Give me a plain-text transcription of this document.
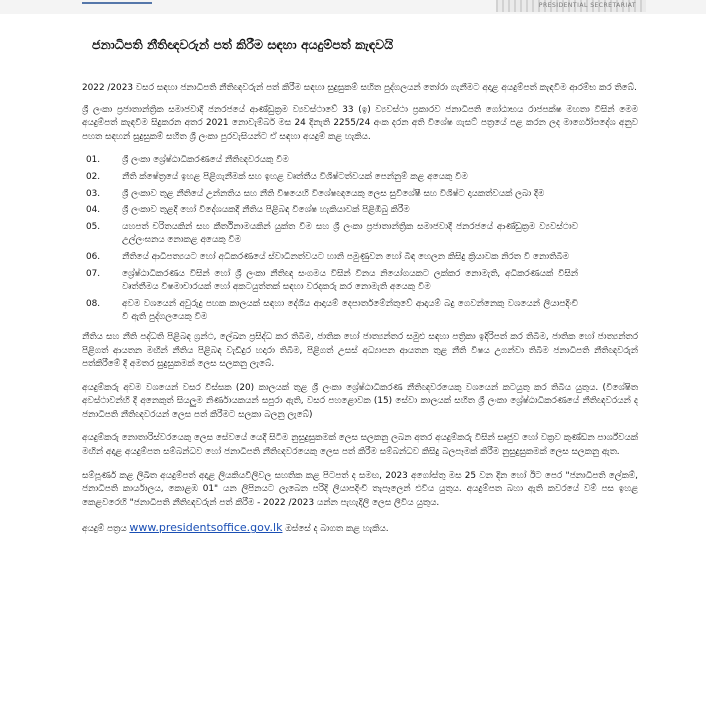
PRESIDENTIAL SECRETARIAT
ජනාධිපති නීතිඥවරුන් පත් කිරීම සඳහා අයදුම්පත් කැඳවයි

2022 /2023 වසර සඳහා ජනාධිපති නීතිඥවරුන් පත් කිරීම සඳහා සුදුසුකම් සහිත පුද්ගලයන් තෝරා ගැනීමට අදාළ අයදුම්පත් කැඳවීම ආරම්භ කර තිබේ.

ශ්‍රී ලංකා ප්‍රජාතාන්ත්‍රික සමාජවාදී ජනරජයේ ආණ්ඩුක්‍රම ව්‍යවස්ථාවේ 33 (ඉ) ව්‍යවස්ථා ප්‍රකාරව ජනාධිපති ගෝඨාභය රාජපක්ෂ මහතා විසින් මෙම අයදුම්පත් කැඳවීම සිදුකරන අතර 2021 නොවැම්බර් මස 24 දිනැති 2255/24 අංක දරන අති විශේෂ ගැසට් පත්‍රයේ පළ කරන ලද මාර්ගෝපදේශ අනුව පහත සඳහන් සුදුසුකම් සහිත ශ්‍රී ලංකා පුරවැසියන්ට ඒ සඳහා අයදුම් කළ හැකිය.

01.	ශ්‍රී ලංකා ශ්‍රේෂ්ඨාධිකරණයේ නීතිඥවරයකු වීම
02.	නීති ක්ෂේත්‍රයේ ඉහළ පිළිගැනීමක් සහ ඉහළ වෘත්තීය විශිෂ්ටත්වයක් පෙන්නුම් කළ අයෙකු වීම
03.	ශ්‍රී ලංකාව තුළ නීතියේ උන්නතිය සහ නීති විෂයෙහි විශේෂඥයෙකු ලෙස සුවිශේෂී සහ විශිෂ්ට දායකත්වයක් ලබා දීම
04.	ශ්‍රී ලංකාව තුළදී හෝ විදේශයකදී නීතිය පිළිබඳ විශේෂ හැකියාවක් පිළිඹිබු කිරීම
05.	යහපත් චරිතයකින් සහ කීර්තිනාමයකින් යුක්ත වීම සහ ශ්‍රී ලංකා ප්‍රජාතාන්ත්‍රික සමාජවාදී ජනරජයේ ආණ්ඩුක්‍රම ව්‍යවස්ථාව උල්ලංඝනය නොකළ අයෙකු වීම
06.	නීතියේ ආධිපත්‍යයට හෝ අධිකරණයේ ස්වාධීනත්වයට හානි පමුණුවන හෝ බිඳ හෙලන කිසිදු ක්‍රියාවක නිරත වී නොතිබීම
07.	ශ්‍රේෂ්ඨාධිකරණය විසින් හෝ ශ්‍රී ලංකා නීතිඥ සංගමය විසින් විනය නියෝගයකට ලක්කර නොමැති, අධිකරණයක් විසින් වෘත්තීමය විෂමාචාරයක් හෝ අකටයුත්තක් සඳහා වරදකරු කර නොමැති අයෙකු වීම
08.	අවම වශයෙන් අවුරුදු පහක කාලයක් සඳහා දේශීය ආදායම් දෙපාර්තමේන්තුවේ ආදායම් බදු ගෙවන්නෙකු වශයෙන් ලියාපදිංචි වී ඇති පුද්ගලයෙකු වීම

නීතිය සහ නීති පද්ධති පිළිබඳ ග්‍රන්ථ, ලේඛන ප්‍රසිද්ධ කර තිබීම, ජාතික හෝ ජාත්‍යන්තර සමුළු සඳහා පත්‍රිකා ඉදිරිපත් කර තිබීම, ජාතික හෝ ජාත්‍යන්තර පිළිගත් ආයතන මඟින් නීතිය පිළිබඳ වැඩිදුර හදාරා තිබීම, පිළිගත් උසස් අධ්‍යාපන ආයතන තුළ නීති විෂය උගන්වා තිබීම ජනාධිපති නීතිඥවරුන් පත්කිරීමේ දී අමතර සුදුසුකමක් ලෙස සලකනු ලැබේ.

අයදුම්කරු අවම වශයෙන් වසර විස්සක (20) කාලයක් තුළ ශ්‍රී ලංකා ශ්‍රේෂ්ඨාධිකරණ නීතිඥවරයෙකු වශයෙන් කටයුතු කර තිබිය යුතුය. (විශේෂිත අවස්ථාවන්හි දී අනෙකුත් සියලුම නිර්ණායකයන් සපුරා ඇති, වසර පහළොවක (15) සේවා කාලයක් සහිත ශ්‍රී ලංකා ශ්‍රේෂ්ඨාධිකරණයේ නීතිඥවරයන් ද ජනාධිපති නීතිඥවරයන් ලෙස පත් කිරීමට සලකා බලනු ලැබේ)

අයදුම්කරු නොතාරිස්වරයෙකු ලෙස සේවයේ යෙදී සිටීම නුසුදුසුකමක් ලෙස සලකනු ලබන අතර අයදුම්කරු විසින් සෘජුව හෝ වක්‍රව කුණ්ඩන පාර්ශ්වයක් මඟින් අදාළ අයදුම්පත සම්බන්ධව හෝ ජනාධිපති නීතිඥවරයෙකු ලෙස පත් කිරීම සම්බන්ධව කිසිදු බලපෑමක් කිරීම නුසුදුසුකමක් ලෙස සලකනු ඇත.

සම්පූර්ණ කළ ලිඛිත අයදුම්පත් අදාළ ලියකියවිලිවල සහතික කළ පිටපත් ද සමඟ, 2023 අගෝස්තු මස 25 වන දින හෝ ඊට පෙර "ජනාධිපති ලේකම්, ජනාධිපති කාර්යාලය, කොළඹ 01" යන ලිපිනයට ලැබෙන පරිදි ලියාපදිංචි තැපෑලෙන් එවිය යුතුය. අයදුම්පත බහා ඇති කවරයේ වම් පස ඉහළ කෙළවරෙහි "ජනාධිපති නීතිඥවරුන් පත් කිරීම - 2022 /2023 යන්න පැහැදිලි ලෙස ලිවිය යුතුය.

අයදුම් පත්‍රය www.presidentsoffice.gov.lk ඔස්සේ ද බාගත කළ හැකිය.
